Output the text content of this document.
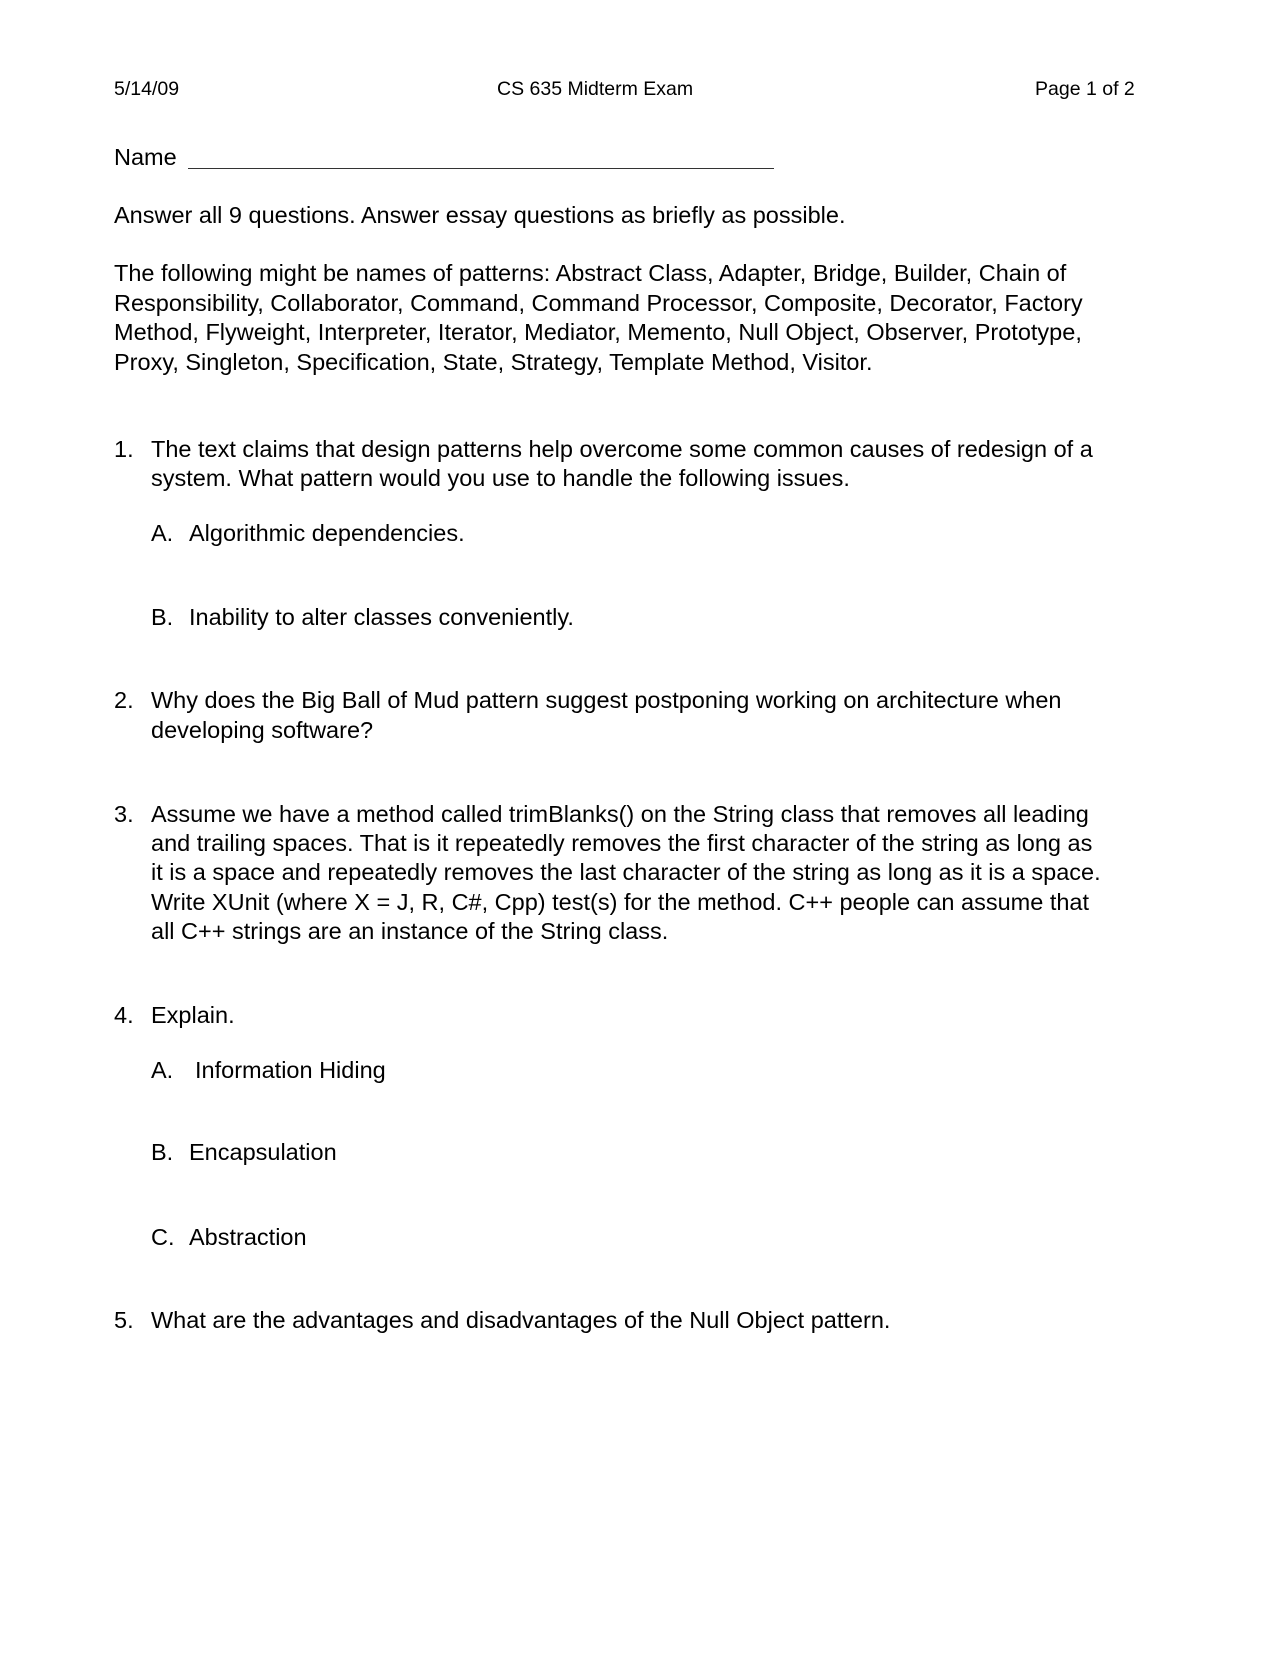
5/14/09	CS 635 Midterm Exam	Page 1 of 2
Name
Answer all 9 questions. Answer essay questions as briefly as possible.
The following might be names of patterns: Abstract Class, Adapter, Bridge, Builder, Chain of
Responsibility, Collaborator, Command, Command Processor, Composite, Decorator, Factory
Method, Flyweight, Interpreter, Iterator, Mediator, Memento, Null Object, Observer, Prototype,
Proxy, Singleton, Specification, State, Strategy, Template Method, Visitor.
1. The text claims that design patterns help overcome some common causes of redesign of a
system. What pattern would you use to handle the following issues.
A. Algorithmic dependencies.
B. Inability to alter classes conveniently.
2. Why does the Big Ball of Mud pattern suggest postponing working on architecture when
developing software?
3. Assume we have a method called trimBlanks() on the String class that removes all leading
and trailing spaces. That is it repeatedly removes the first character of the string as long as
it is a space and repeatedly removes the last character of the string as long as it is a space.
Write XUnit (where X = J, R, C#, Cpp) test(s) for the method. C++ people can assume that
all C++ strings are an instance of the String class.
4. Explain.
A. Information Hiding
B. Encapsulation
C. Abstraction
5. What are the advantages and disadvantages of the Null Object pattern.
